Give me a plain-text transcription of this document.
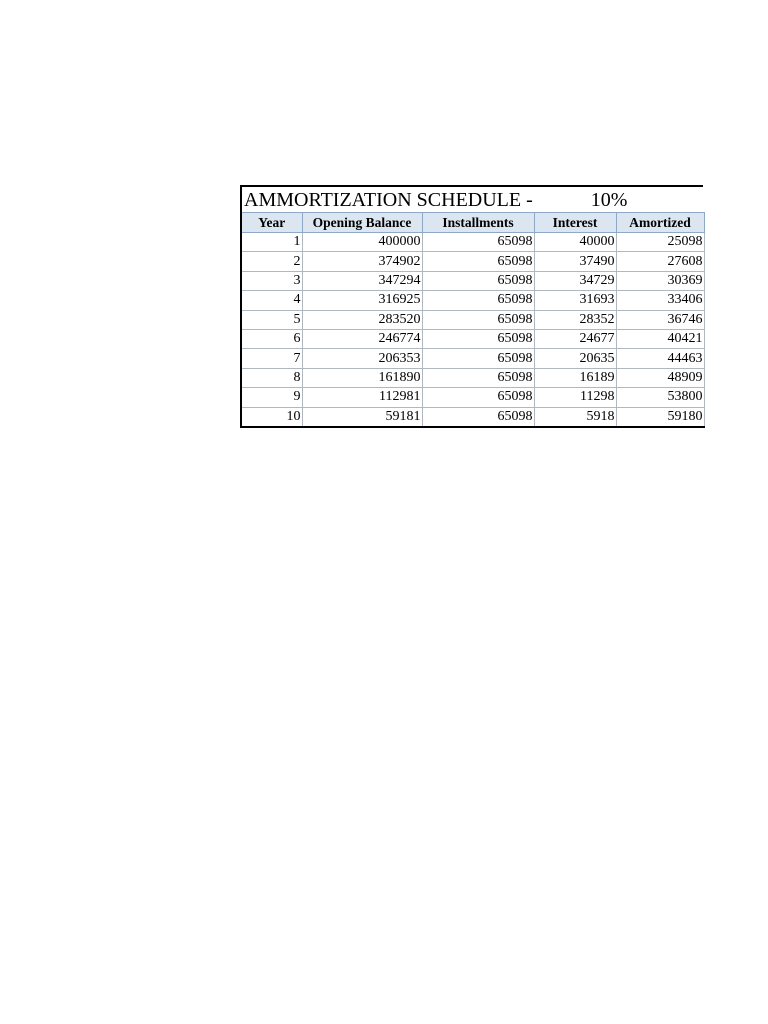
AMMORTIZATION SCHEDULE -	10%
Year	Opening Balance	Installments	Interest	Amortized
1	400000	65098	40000	25098
2	374902	65098	37490	27608
3	347294	65098	34729	30369
4	316925	65098	31693	33406
5	283520	65098	28352	36746
6	246774	65098	24677	40421
7	206353	65098	20635	44463
8	161890	65098	16189	48909
9	112981	65098	11298	53800
10	59181	65098	5918	59180
